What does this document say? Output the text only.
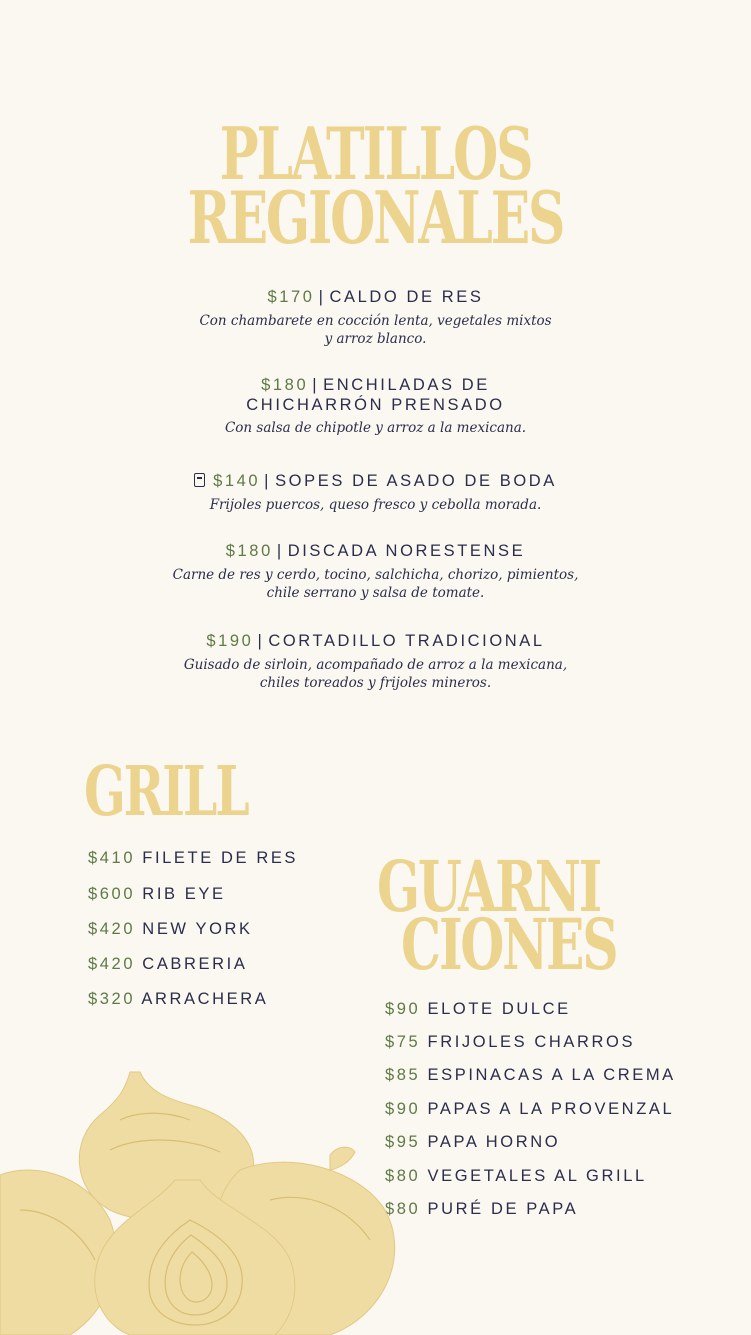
PLATILLOS
REGIONALES
$170 | CALDO DE RES
Con chambarete en cocción lenta, vegetales mixtos
y arroz blanco.
$180 | ENCHILADAS DE
CHICHARRÓN PRENSADO
Con salsa de chipotle y arroz a la mexicana.
$140 | SOPES DE ASADO DE BODA
Frijoles puercos, queso fresco y cebolla morada.
$180 | DISCADA NORESTENSE
Carne de res y cerdo, tocino, salchicha, chorizo, pimientos,
chile serrano y salsa de tomate.
$190 | CORTADILLO TRADICIONAL
Guisado de sirloin, acompañado de arroz a la mexicana,
chiles toreados y frijoles mineros.
GRILL
$410 FILETE DE RES
$600 RIB EYE
$420 NEW YORK
$420 CABRERIA
$320 ARRACHERA
GUARNI
CIONES
$90 ELOTE DULCE
$75 FRIJOLES CHARROS
$85 ESPINACAS A LA CREMA
$90 PAPAS A LA PROVENZAL
$95 PAPA HORNO
$80 VEGETALES AL GRILL
$80 PURÉ DE PAPA
